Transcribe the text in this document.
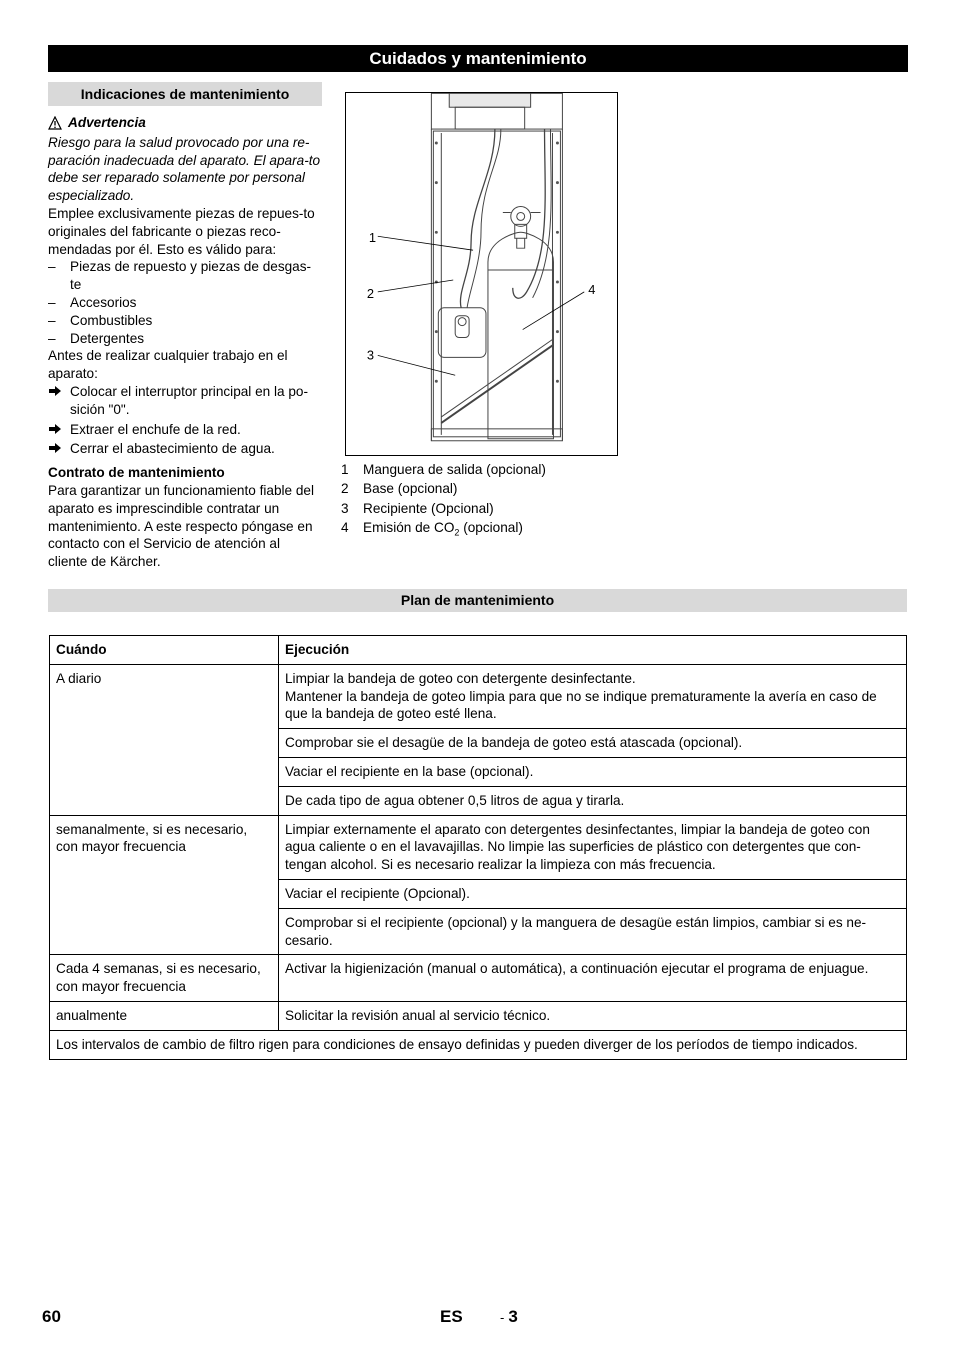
Cuidados y mantenimiento
Indicaciones de mantenimiento
Advertencia

Riesgo para la salud provocado por una re-paración inadecuada del aparato. El apara-to debe ser reparado solamente por personal especializado.

Emplee exclusivamente piezas de repues-to originales del fabricante o piezas reco-mendadas por él. Esto es válido para:

– Piezas de repuesto y piezas de desgas-te
– Accesorios
– Combustibles
– Detergentes

Antes de realizar cualquier trabajo en el aparato:

Colocar el interruptor principal en la po-sición "0".
Extraer el enchufe de la red.
Cerrar el abastecimiento de agua.
Contrato de mantenimiento

Para garantizar un funcionamiento fiable del aparato es imprescindible contratar un mantenimiento. A este respecto póngase en contacto con el Servicio de atención al cliente de Kärcher.

1
2
3
4
1	Manguera de salida (opcional)
2	Base (opcional)
3	Recipiente (Opcional)
4	Emisión de $CO_2$ (opcional)
Plan de mantenimiento
Cuándo	Ejecución
A diario	Limpiar la bandeja de goteo con detergente desinfectante.
Mantener la bandeja de goteo limpia para que no se indique prematuramente la avería en caso de que la bandeja de goteo esté llena.
	Comprobar sie el desagüe de la bandeja de goteo está atascada (opcional).
	Vaciar el recipiente en la base (opcional).
	De cada tipo de agua obtener 0,5 litros de agua y tirarla.
semanalmente, si es necesario, con mayor frecuencia	Limpiar externamente el aparato con detergentes desinfectantes, limpiar la bandeja de goteo con agua caliente o en el lavavajillas. No limpie las superficies de plástico con detergentes que con-tengan alcohol. Si es necesario realizar la limpieza con más frecuencia.
	Vaciar el recipiente (Opcional).
	Comprobar si el recipiente (opcional) y la manguera de desagüe están limpios, cambiar si es ne-cesario.
Cada 4 semanas, si es necesario, con mayor frecuencia	Activar la higienización (manual o automática), a continuación ejecutar el programa de enjuague.
anualmente	Solicitar la revisión anual al servicio técnico.
Los intervalos de cambio de filtro rigen para condiciones de ensayo definidas y pueden diverger de los períodos de tiempo indicados.	
60	ES	- 3
